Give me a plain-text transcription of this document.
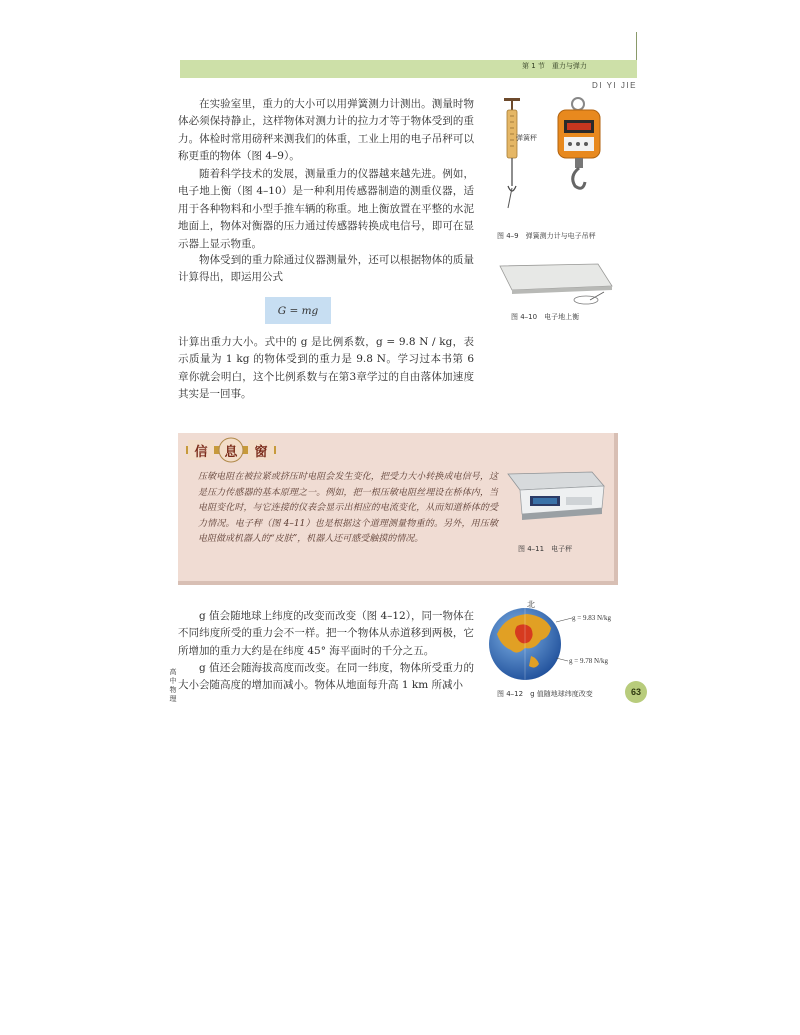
第 1 节　重力与弹力
DI YI JIE

在实验室里，重力的大小可以用弹簧测力计测出。测量时物体必须保持静止，这样物体对测力计的拉力才等于物体受到的重力。体检时常用磅秤来测我们的体重，工业上用的电子吊秤可以称更重的物体（图 4–9）。

随着科学技术的发展，测量重力的仪器越来越先进。例如，电子地上衡（图 4–10）是一种利用传感器制造的测重仪器，适用于各种物料和小型手推车辆的称重。地上衡放置在平整的水泥地面上，物体对衡器的压力通过传感器转换成电信号，即可在显示器上显示物重。

物体受到的重力除通过仪器测量外，还可以根据物体的质量计算得出，即运用公式

G = mg

计算出重力大小。式中的 g 是比例系数，g = 9.8 N / kg，表示质量为 1 kg 的物体受到的重力是 9.8 N。学习过本书第 6 章你就会明白，这个比例系数与在第3章学过的自由落体加速度其实是一回事。

弹簧秤
图 4–9　弹簧测力计与电子吊秤
图 4–10　电子地上衡
信 息 窗

压敏电阻在被拉紧或挤压时电阻会发生变化，把受力大小转换成电信号，这是压力传感器的基本原理之一。例如，把一根压敏电阻丝埋设在桥体内，当电阻变化时，与它连接的仪表会显示出相应的电流变化，从而知道桥体的受力情况。电子秤（图 4–11）也是根据这个道理测量物重的。另外，用压敏电阻做成机器人的“皮肤”，机器人还可感受触摸的情况。

图 4–11　电子秤

g 值会随地球上纬度的改变而改变（图 4–12），同一物体在不同纬度所受的重力会不一样。把一个物体从赤道移到两极，它所增加的重力大约是在纬度 45° 海平面时的千分之五。

g 值还会随海拔高度而改变。在同一纬度，物体所受重力的大小会随高度的增加而减小。物体从地面每升高 1 km 所减小

北
g = 9.83 N/kg
g = 9.78 N/kg
图 4–12　g 值随地球纬度改变
高中物理
63
